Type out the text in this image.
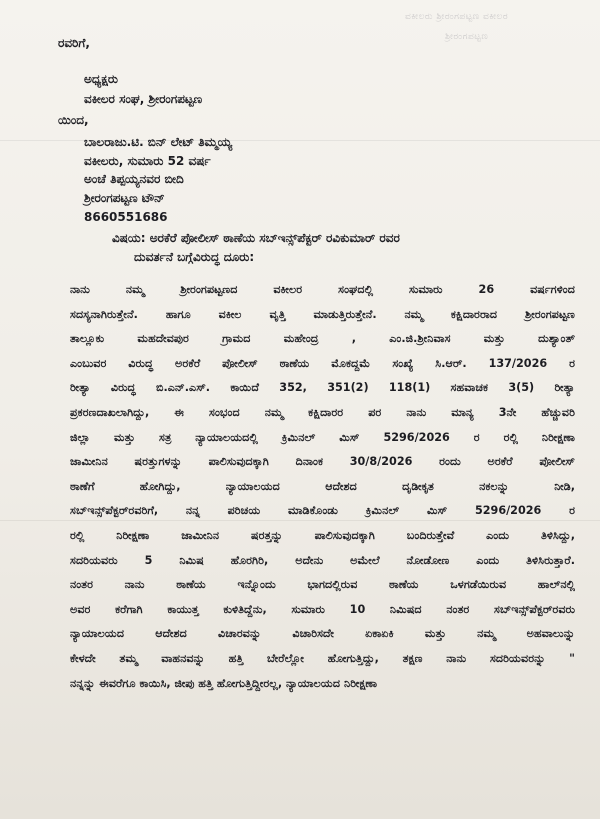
ವಕೀಲರು ಶ್ರೀರಂಗಪಟ್ಟಣ ವಕೀಲರ
ಶ್ರೀರಂಗಪಟ್ಟಣ
ರವರಿಗೆ,
ಅಧ್ಯಕ್ಷರು
ವಕೀಲರ ಸಂಘ, ಶ್ರೀರಂಗಪಟ್ಟಣ
ಯಿಂದ,
ಬಾಲರಾಜು.ಟಿ. ಬಿನ್ ಲೇಟ್ ತಿಮ್ಮಯ್ಯ
ವಕೀಲರು, ಸುಮಾರು 52 ವರ್ಷ
ಅಂಚೆ ತಿಪ್ಪಯ್ಯನವರ ಬೀದಿ
ಶ್ರೀರಂಗಪಟ್ಟಣ ಟೌನ್
8660551686
ವಿಷಯ: ಅರಕೆರೆ ಪೋಲೀಸ್ ಠಾಣೆಯ ಸಬ್‌ಇನ್ಸ್‌ಪೆಕ್ಟರ್ ರವಿಕುಮಾರ್ ರವರ
ದುವರ್ತನೆ ಬಗ್ಗೆವಿರುದ್ಧ ದೂರು:
ನಾನು ನಮ್ಮ ಶ್ರೀರಂಗಪಟ್ಟಣದ ವಕೀಲರ ಸಂಘದಲ್ಲಿ ಸುಮಾರು 26 ವರ್ಷಗಳಿಂದ
ಸದಸ್ಯನಾಗಿರುತ್ತೇನೆ. ಹಾಗೂ ವಕೀಲ ವೃತ್ತಿ ಮಾಡುತ್ತಿರುತ್ತೇನೆ. ನಮ್ಮ ಕಕ್ಷಿದಾರರಾದ ಶ್ರೀರಂಗಪಟ್ಟಣ
ತಾಲ್ಲೂಕು ಮಹದೇವಪುರ ಗ್ರಾಮದ ಮಹೇಂದ್ರ , ಎಂ.ಜಿ.ಶ್ರೀನಿವಾಸ ಮತ್ತು ದುಶ್ಯಾಂತ್
ಎಂಬುವರ ವಿರುದ್ಧ ಅರಕೆರೆ ಪೋಲೀಸ್ ಠಾಣೆಯ ಮೊಕದ್ದಮೆ ಸಂಖ್ಯೆ ಸಿ.ಆರ್. 137/2026 ರ
ರೀತ್ಯಾ ವಿರುದ್ಧ ಬಿ.ಎನ್.ಎಸ್. ಕಾಯಿದೆ 352, 351(2) 118(1) ಸಹವಾಚಕ 3(5) ರೀತ್ಯಾ
ಪ್ರಕರಣದಾಖಲಾಗಿದ್ದು, ಈ ಸಂಭಂದ ನಮ್ಮ ಕಕ್ಷಿದಾರರ ಪರ ನಾನು ಮಾನ್ಯ 3ನೇ ಹೆಚ್ಚುವರಿ
ಜಿಲ್ಲಾ ಮತ್ತು ಸತ್ರ ನ್ಯಾಯಾಲಯದಲ್ಲಿ ಕ್ರಿಮಿನಲ್ ಮಿಸ್ 5296/2026 ರ ರಲ್ಲಿ ನಿರೀಕ್ಷಣಾ
ಜಾಮೀನಿನ ಷರತ್ತುಗಳನ್ನು ಪಾಲಿಸುವುದಕ್ಕಾಗಿ ದಿನಾಂಕ 30/8/2026 ರಂದು ಅರಕೆರೆ ಪೋಲೀಸ್
ಠಾಣೆಗೆ ಹೋಗಿದ್ದು, ನ್ಯಾಯಾಲಯದ ಆದೇಶದ ದೃಡೀಕೃತ ನಕಲನ್ನು ನೀಡಿ,
ಸಬ್‌ಇನ್ಸ್‌ಪೆಕ್ಟರ್‌ರವರಿಗೆ, ನನ್ನ ಪರಿಚಯ ಮಾಡಿಕೊಂಡು ಕ್ರಿಮಿನಲ್ ಮಿಸ್ 5296/2026 ರ
ರಲ್ಲಿ ನಿರೀಕ್ಷಣಾ ಜಾಮೀನಿನ ಷರತ್ತನ್ನು ಪಾಲಿಸುವುದಕ್ಕಾಗಿ ಬಂದಿರುತ್ತೇವೆ ಎಂದು ತಿಳಿಸಿದ್ದು,
ಸದರಿಯವರು 5 ನಿಮಿಷ ಹೊರಗಿರಿ, ಅದೇನು ಅಮೇಲೆ ನೋಡೋಣ ಎಂದು ತಿಳಿಸಿರುತ್ತಾರೆ.
ನಂತರ ನಾನು ಠಾಣೆಯ ಇನ್ನೊಂದು ಭಾಗದಲ್ಲಿರುವ ಠಾಣೆಯ ಒಳಗಡೆಯಿರುವ ಹಾಲ್‌ನಲ್ಲಿ
ಅವರ ಕರೆಗಾಗಿ ಕಾಯುತ್ತ ಕುಳಿತಿದ್ದೆನು, ಸುಮಾರು 10 ನಿಮಿಷದ ನಂತರ ಸಬ್‌ಇನ್ಸ್‌ಪೆಕ್ಟರ್‌ರವರು
ನ್ಯಾಯಾಲಯದ ಆದೇಶದ ವಿಚಾರವನ್ನು ವಿಚಾರಿಸದೇ ಏಕಾಏಕಿ ಮತ್ತು ನಮ್ಮ ಅಹವಾಲುನ್ನು
ಕೇಳದೇ ತಮ್ಮ ವಾಹನವನ್ನು ಹತ್ತಿ ಬೇರೆಲ್ಲೋ ಹೋಗುತ್ತಿದ್ದು, ತಕ್ಷಣ ನಾನು ಸದರಿಯವರನ್ನು "
ನನ್ನನ್ನು ಈವರೆಗೂ ಕಾಯಿಸಿ, ಜೀಪು ಹತ್ತಿ ಹೋಗುತ್ತಿದ್ದೀರಲ್ಲ, ನ್ಯಾಯಾಲಯದ ನಿರೀಕ್ಷಣಾ
